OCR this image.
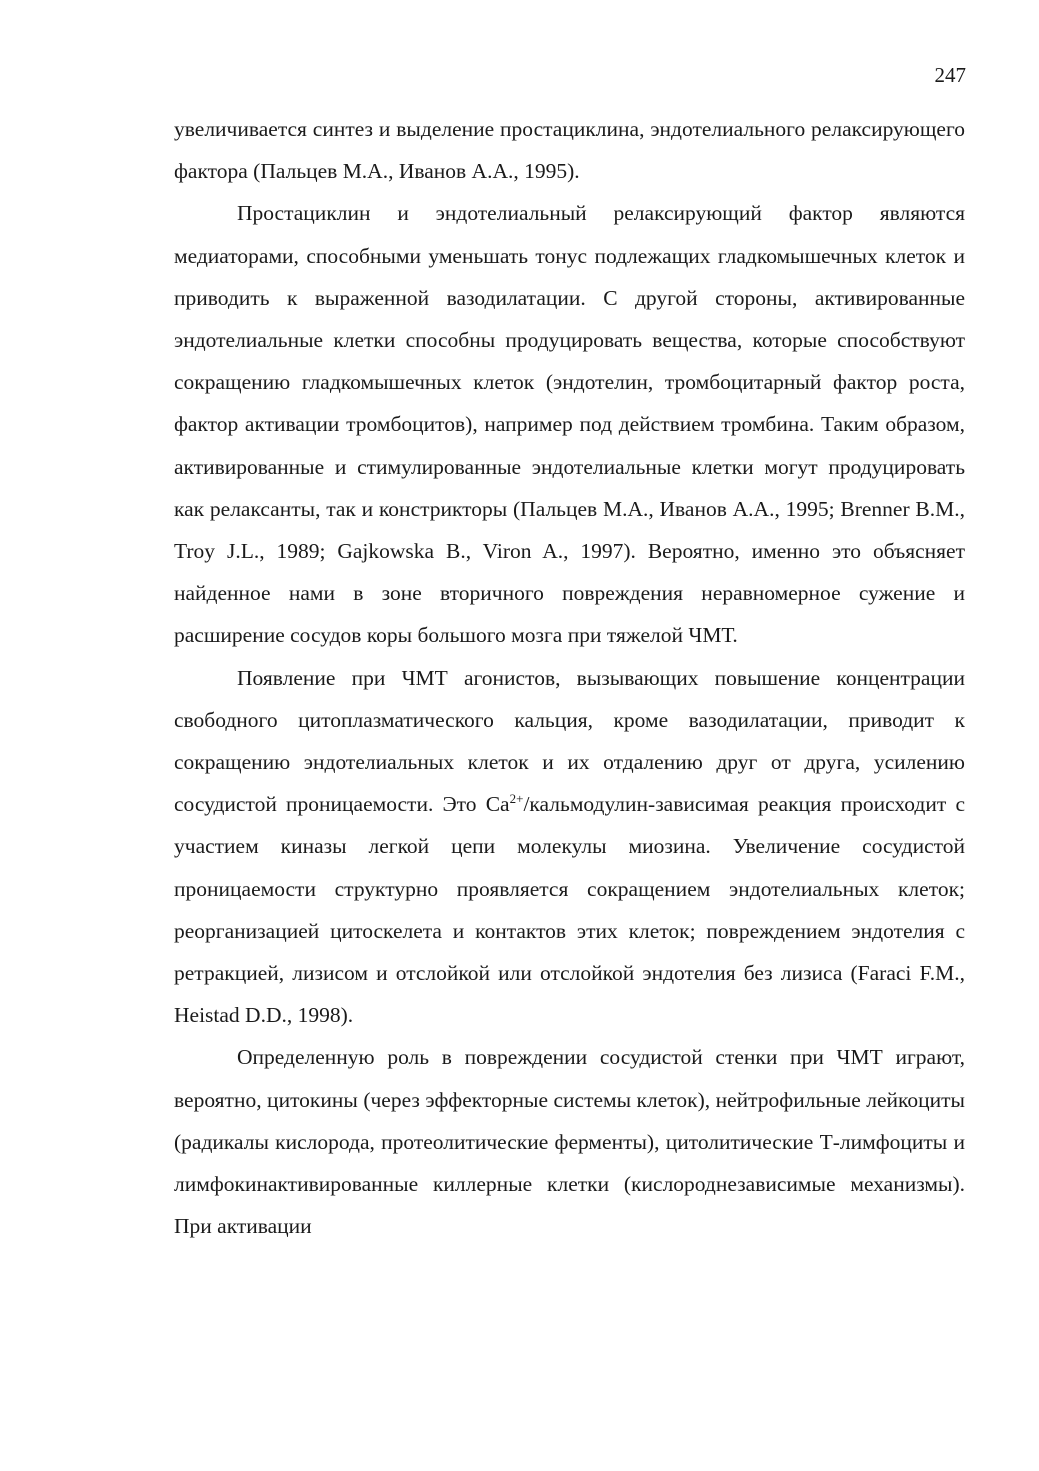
247

увеличивается синтез и выделение простациклина, эндотелиального релаксирующего фактора (Пальцев М.А., Иванов А.А., 1995).

Простациклин и эндотелиальный релаксирующий фактор являются медиаторами, способными уменьшать тонус подлежащих гладкомышечных клеток и приводить к выраженной вазодилатации. С другой стороны, активированные эндотелиальные клетки способны продуцировать вещества, которые способствуют сокращению гладкомышечных клеток (эндотелин, тромбоцитарный фактор роста, фактор активации тромбоцитов), например под действием тромбина. Таким образом, активированные и стимулированные эндотелиальные клетки могут продуцировать как релаксанты, так и констрикторы (Пальцев М.А., Иванов А.А., 1995; Brenner B.M., Troy J.L., 1989; Gajkowska B., Viron A., 1997). Вероятно, именно это объясняет найденное нами в зоне вторичного повреждения неравномерное сужение и расширение сосудов коры большого мозга при тяжелой ЧМТ.

Появление при ЧМТ агонистов, вызывающих повышение концентрации свободного цитоплазматического кальция, кроме вазодилатации, приводит к сокращению эндотелиальных клеток и их отдалению друг от друга, усилению сосудистой проницаемости. Это $Ca^{2+}/кальмодулин$-зависимая реакция происходит с участием киназы легкой цепи молекулы миозина. Увеличение сосудистой проницаемости структурно проявляется сокращением эндотелиальных клеток; реорганизацией цитоскелета и контактов этих клеток; повреждением эндотелия с ретракцией, лизисом и отслойкой или отслойкой эндотелия без лизиса (Faraci F.M., Heistad D.D., 1998).

Определенную роль в повреждении сосудистой стенки при ЧМТ играют, вероятно, цитокины (через эффекторные системы клеток), нейтрофильные лейкоциты (радикалы кислорода, протеолитические ферменты), цитолитические Т-лимфоциты и лимфокинактивированные киллерные клетки (кислороднезависимые механизмы). При активации
